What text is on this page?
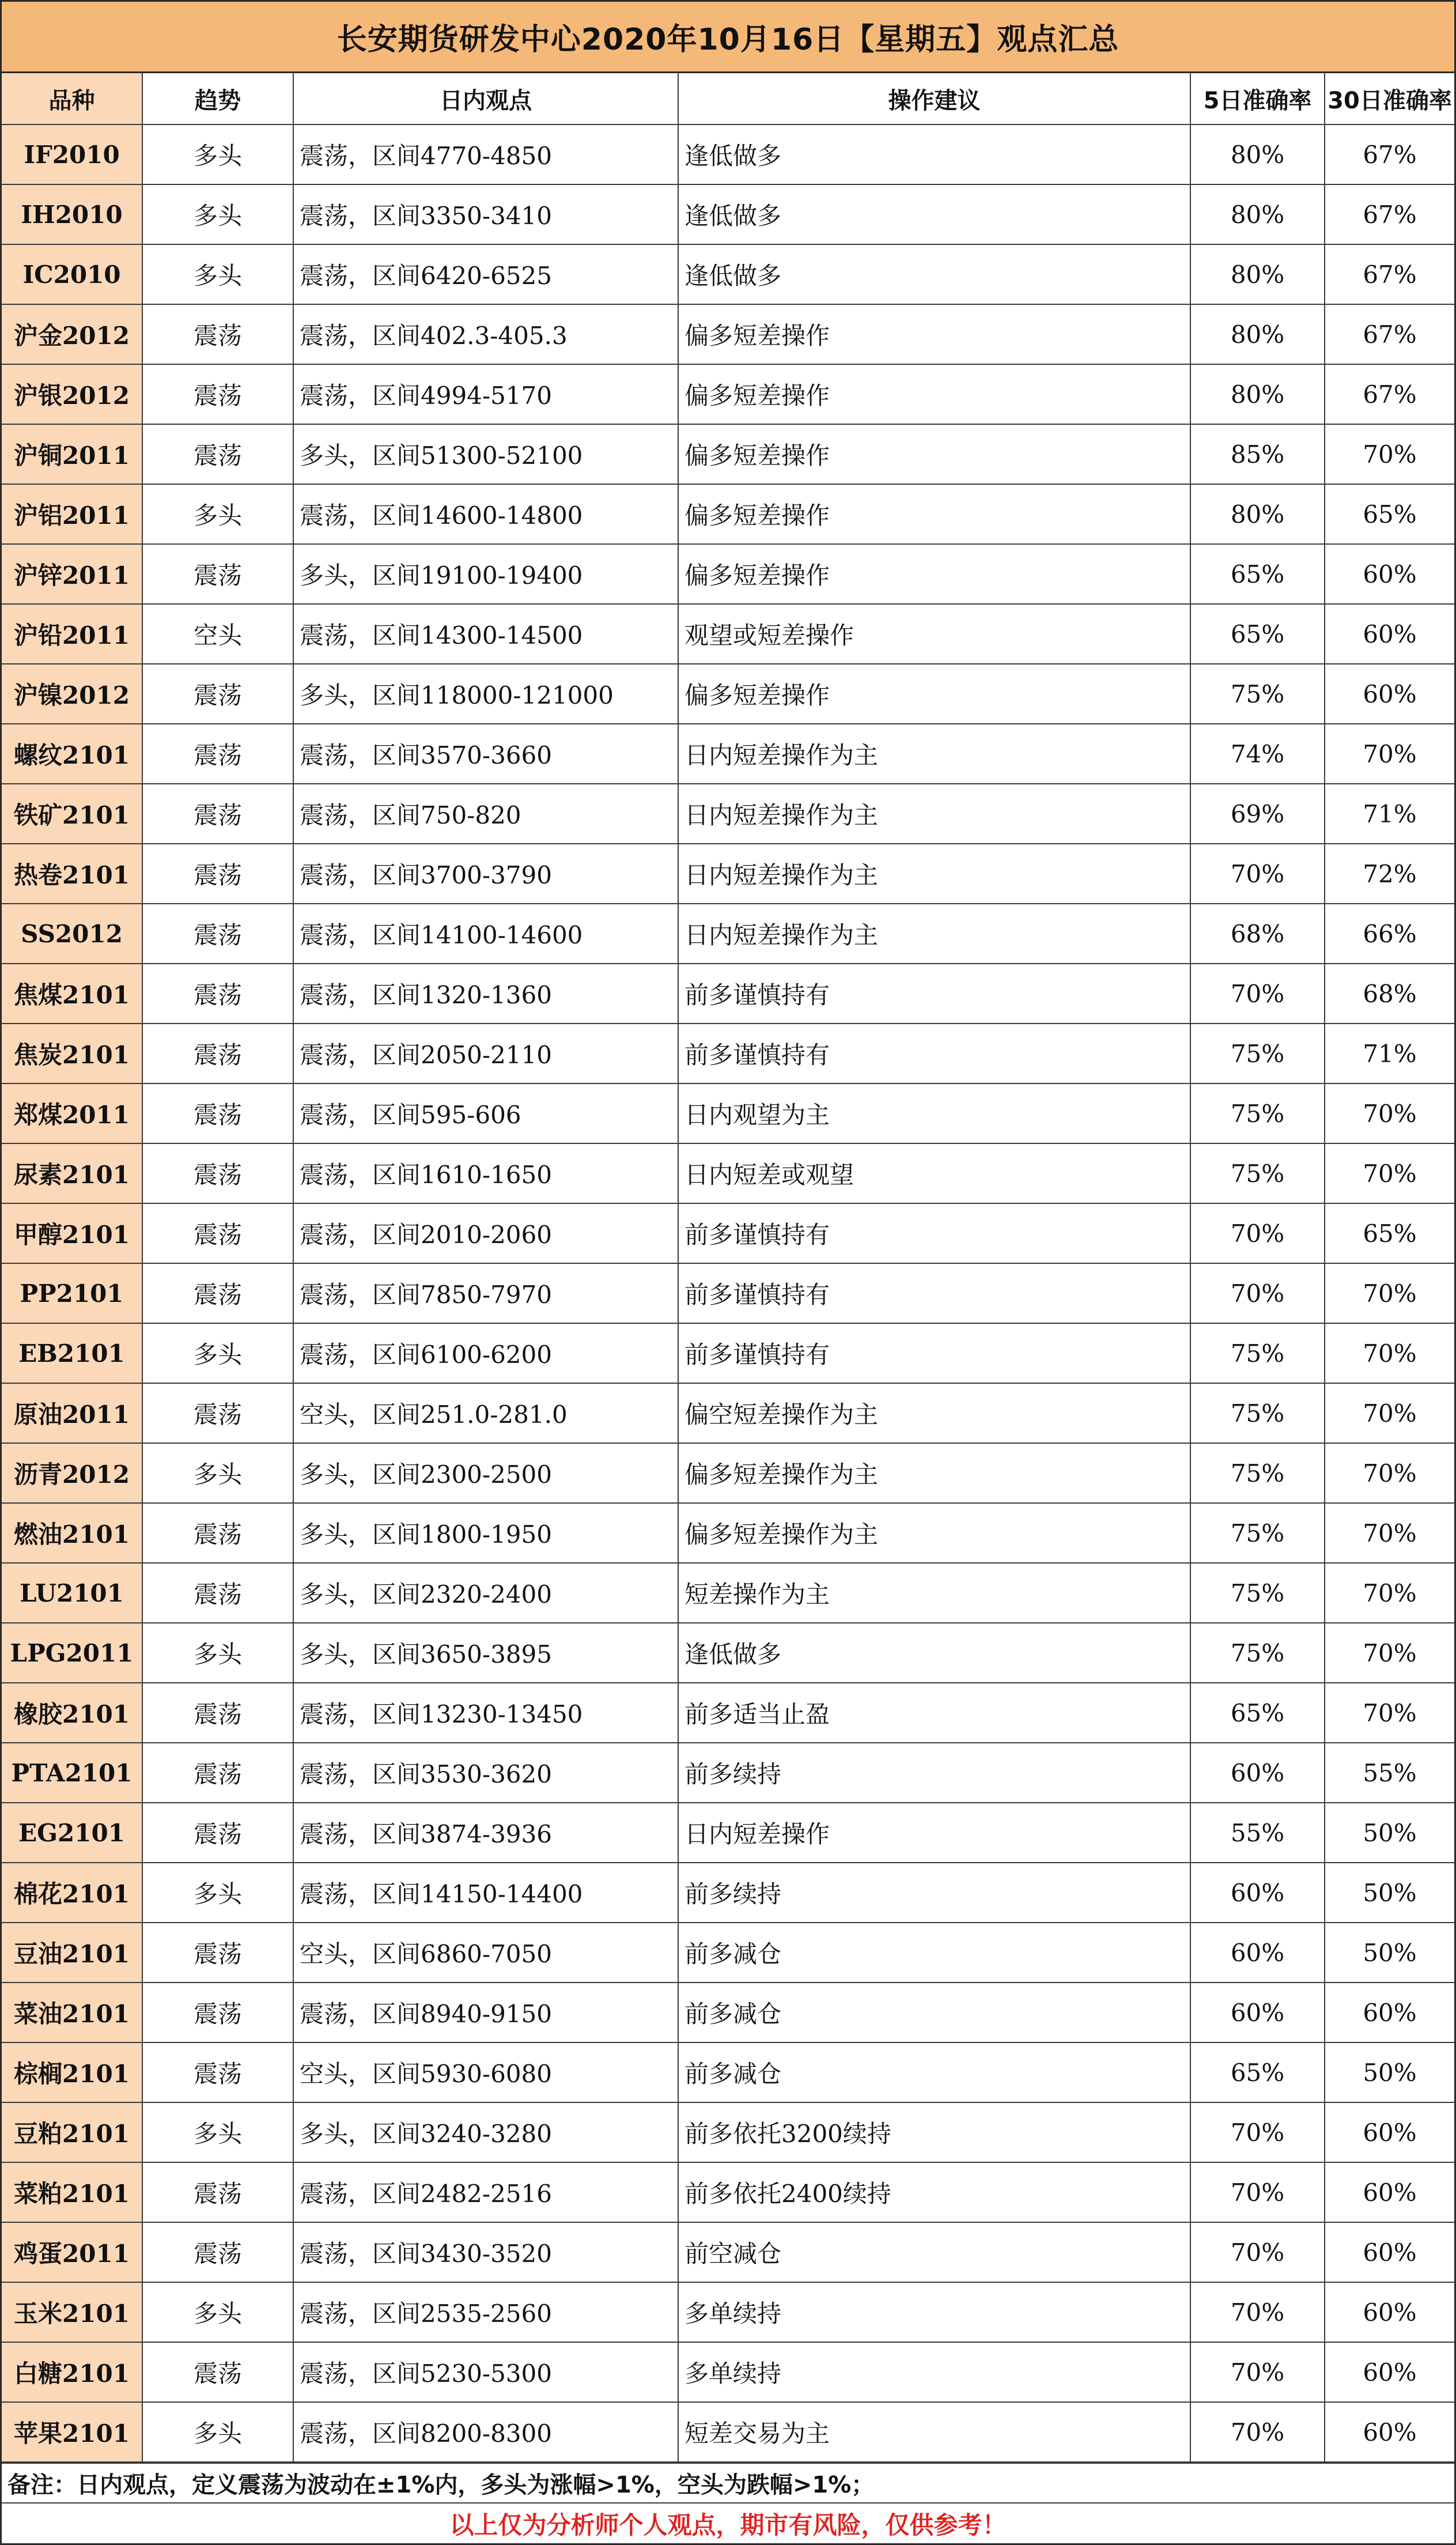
长安期货研发中心2020年10月16日【星期五】观点汇总
品种	趋势	日内观点	操作建议	5日准确率	30日准确率
IF2010	多头	震荡，区间4770-4850	逢低做多	80%	67%
IH2010	多头	震荡，区间3350-3410	逢低做多	80%	67%
IC2010	多头	震荡，区间6420-6525	逢低做多	80%	67%
沪金2012	震荡	震荡，区间402.3-405.3	偏多短差操作	80%	67%
沪银2012	震荡	震荡，区间4994-5170	偏多短差操作	80%	67%
沪铜2011	震荡	多头，区间51300-52100	偏多短差操作	85%	70%
沪铝2011	多头	震荡，区间14600-14800	偏多短差操作	80%	65%
沪锌2011	震荡	多头，区间19100-19400	偏多短差操作	65%	60%
沪铅2011	空头	震荡，区间14300-14500	观望或短差操作	65%	60%
沪镍2012	震荡	多头，区间118000-121000	偏多短差操作	75%	60%
螺纹2101	震荡	震荡，区间3570-3660	日内短差操作为主	74%	70%
铁矿2101	震荡	震荡，区间750-820	日内短差操作为主	69%	71%
热卷2101	震荡	震荡，区间3700-3790	日内短差操作为主	70%	72%
SS2012	震荡	震荡，区间14100-14600	日内短差操作为主	68%	66%
焦煤2101	震荡	震荡，区间1320-1360	前多谨慎持有	70%	68%
焦炭2101	震荡	震荡，区间2050-2110	前多谨慎持有	75%	71%
郑煤2011	震荡	震荡，区间595-606	日内观望为主	75%	70%
尿素2101	震荡	震荡，区间1610-1650	日内短差或观望	75%	70%
甲醇2101	震荡	震荡，区间2010-2060	前多谨慎持有	70%	65%
PP2101	震荡	震荡，区间7850-7970	前多谨慎持有	70%	70%
EB2101	多头	震荡，区间6100-6200	前多谨慎持有	75%	70%
原油2011	震荡	空头，区间251.0-281.0	偏空短差操作为主	75%	70%
沥青2012	多头	多头，区间2300-2500	偏多短差操作为主	75%	70%
燃油2101	震荡	多头，区间1800-1950	偏多短差操作为主	75%	70%
LU2101	震荡	多头，区间2320-2400	短差操作为主	75%	70%
LPG2011	多头	多头，区间3650-3895	逢低做多	75%	70%
橡胶2101	震荡	震荡，区间13230-13450	前多适当止盈	65%	70%
PTA2101	震荡	震荡，区间3530-3620	前多续持	60%	55%
EG2101	震荡	震荡，区间3874-3936	日内短差操作	55%	50%
棉花2101	多头	震荡，区间14150-14400	前多续持	60%	50%
豆油2101	震荡	空头，区间6860-7050	前多减仓	60%	50%
菜油2101	震荡	震荡，区间8940-9150	前多减仓	60%	60%
棕榈2101	震荡	空头，区间5930-6080	前多减仓	65%	50%
豆粕2101	多头	多头，区间3240-3280	前多依托3200续持	70%	60%
菜粕2101	震荡	震荡，区间2482-2516	前多依托2400续持	70%	60%
鸡蛋2011	震荡	震荡，区间3430-3520	前空减仓	70%	60%
玉米2101	多头	震荡，区间2535-2560	多单续持	70%	60%
白糖2101	震荡	震荡，区间5230-5300	多单续持	70%	60%
苹果2101	多头	震荡，区间8200-8300	短差交易为主	70%	60%
备注：日内观点，定义震荡为波动在±1%内，多头为涨幅>1%，空头为跌幅>1%；
以上仅为分析师个人观点，期市有风险，仅供参考！
